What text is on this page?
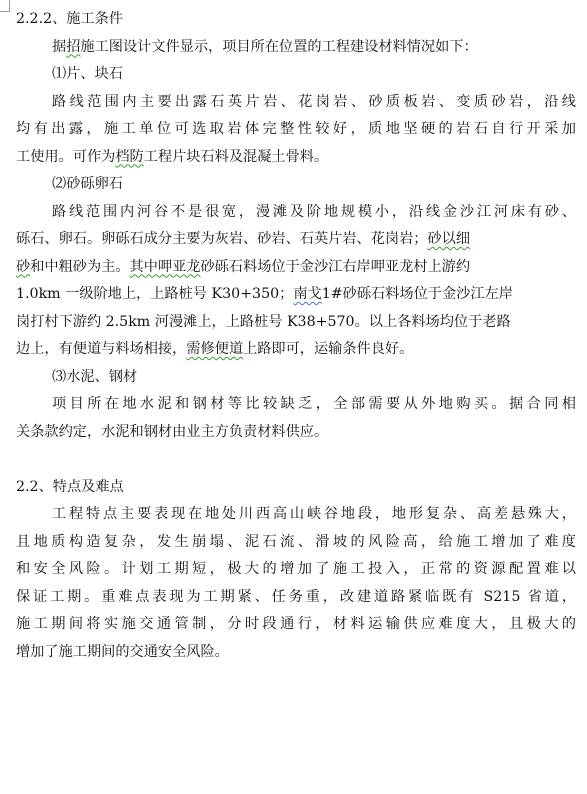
2.2.2、施工条件
据招施工图设计文件显示，项目所在位置的工程建设材料情况如下：
⑴片、块石
路线范围内主要出露石英片岩、花岗岩、砂质板岩、变质砂岩，沿线
均有出露，施工单位可选取岩体完整性较好，质地坚硬的岩石自行开采加
工使用。可作为档防工程片块石料及混凝土骨料。
⑵砂砾卵石
路线范围内河谷不是很宽，漫滩及阶地规模小，沿线金沙江河床有砂、
砾石、卵石。卵砾石成分主要为灰岩、砂岩、石英片岩、花岗岩；砂以细
砂和中粗砂为主。其中呷亚龙砂砾石料场位于金沙江右岸呷亚龙村上游约
1.0km 一级阶地上，上路桩号 K30+350；南戈1#砂砾石料场位于金沙江左岸
岗打村下游约 2.5km 河漫滩上，上路桩号 K38+570。以上各料场均位于老路
边上，有便道与料场相接，需修便道上路即可，运输条件良好。
⑶水泥、钢材
项目所在地水泥和钢材等比较缺乏，全部需要从外地购买。据合同相
关条款约定，水泥和钢材由业主方负责材料供应。
2.2、特点及难点
工程特点主要表现在地处川西高山峡谷地段，地形复杂、高差悬殊大，
且地质构造复杂，发生崩塌、泥石流、滑坡的风险高，给施工增加了难度
和安全风险。计划工期短，极大的增加了施工投入，正常的资源配置难以
保证工期。重难点表现为工期紧、任务重，改建道路紧临既有 S215 省道，
施工期间将实施交通管制，分时段通行，材料运输供应难度大，且极大的
增加了施工期间的交通安全风险。
